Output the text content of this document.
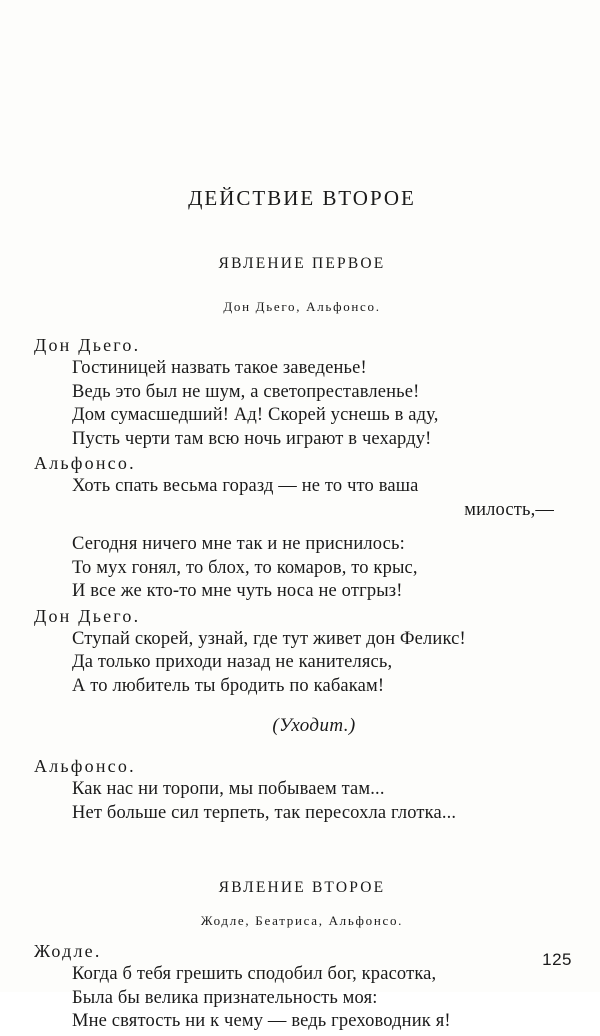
ДЕЙСТВИЕ ВТОРОЕ
ЯВЛЕНИЕ ПЕРВОЕ
Дон Дьего, Альфонсо.
Дон Дьего.
Гостиницей назвать такое заведенье!
Ведь это был не шум, а светопреставленье!
Дом сумасшедший! Ад! Скорей уснешь в аду,
Пусть черти там всю ночь играют в чехарду!
Альфонсо.
Хоть спать весьма горазд — не то что ваша
милость,—
Сегодня ничего мне так и не приснилось:
То мух гонял, то блох, то комаров, то крыс,
И все же кто-то мне чуть носа не отгрыз!
Дон Дьего.
Ступай скорей, узнай, где тут живет дон Феликс!
Да только приходи назад не канителясь,
А то любитель ты бродить по кабакам!
(Уходит.)
Альфонсо.
Как нас ни торопи, мы побываем там...
Нет больше сил терпеть, так пересохла глотка...
ЯВЛЕНИЕ ВТОРОЕ
Жодле, Беатриса, Альфонсо.
Жодле.
Когда б тебя грешить сподобил бог, красотка,
Была бы велика признательность моя:
Мне святость ни к чему — ведь греховодник я!
125
